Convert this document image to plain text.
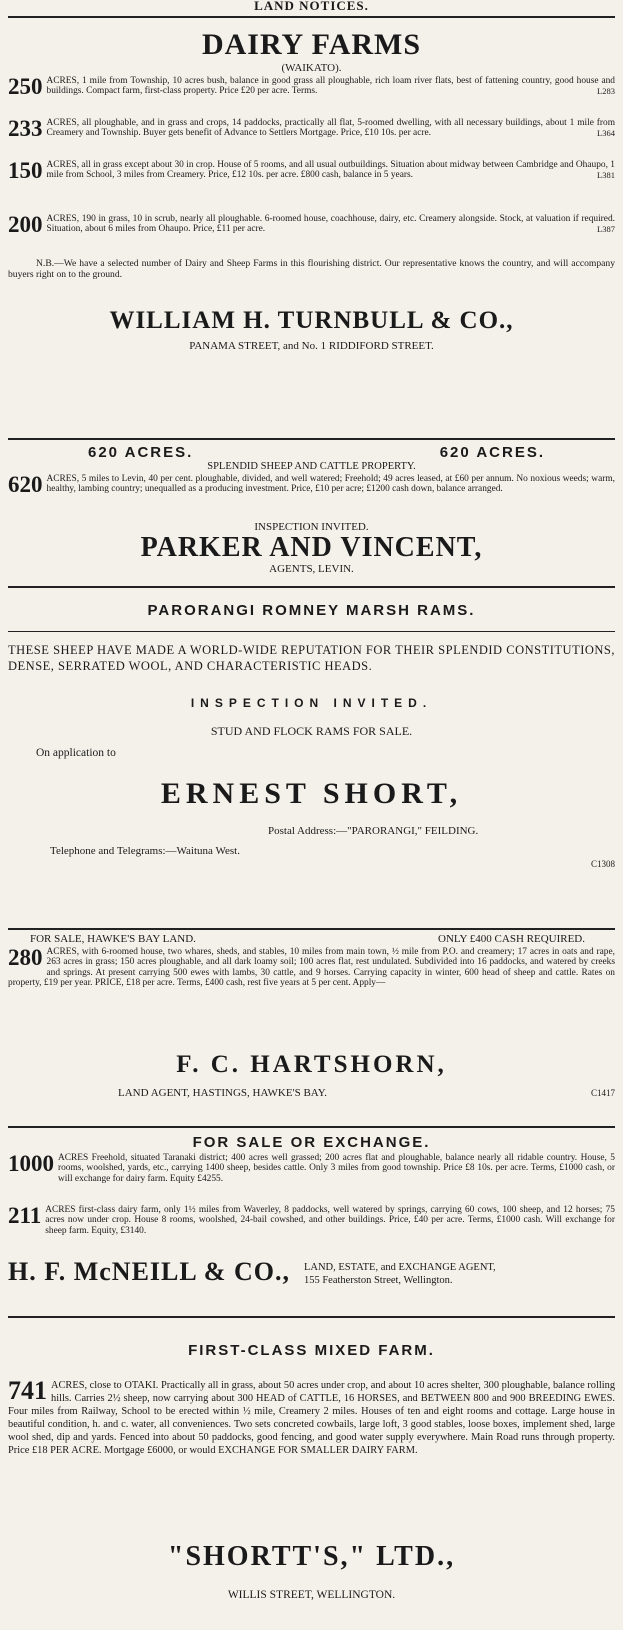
LAND NOTICES.
DAIRY FARMS
(WAIKATO).
250 ACRES, 1 mile from Township, 10 acres bush, balance in good grass all ploughable, rich loam river flats, best of fattening country, good house and buildings. Compact farm, first-class property. Price £20 per acre. Terms.	L283
233 ACRES, all ploughable, and in grass and crops, 14 paddocks, practically all flat, 5-roomed dwelling, with all necessary buildings, about 1 mile from Creamery and Township. Buyer gets benefit of Advance to Settlers Mortgage. Price, £10 10s. per acre.	L364
150 ACRES, all in grass except about 30 in crop. House of 5 rooms, and all usual outbuildings. Situation about midway between Cambridge and Ohaupo, 1 mile from School, 3 miles from Creamery. Price, £12 10s. per acre. £800 cash, balance in 5 years.	L381
200 ACRES, 190 in grass, 10 in scrub, nearly all ploughable. 6-roomed house, coachhouse, dairy, etc. Creamery alongside. Stock, at valuation if required. Situation, about 6 miles from Ohaupo. Price, £11 per acre.	L387
N.B.—We have a selected number of Dairy and Sheep Farms in this flourishing district. Our representative knows the country, and will accompany buyers right on to the ground.
WILLIAM H. TURNBULL & CO.,
PANAMA STREET, and No. 1 RIDDIFORD STREET.
620 ACRES.	620 ACRES.
SPLENDID SHEEP AND CATTLE PROPERTY.
620 ACRES, 5 miles to Levin, 40 per cent. ploughable, divided, and well watered; Freehold; 49 acres leased, at £60 per annum. No noxious weeds; warm, healthy, lambing country; unequalled as a producing investment. Price, £10 per acre; £1200 cash down, balance arranged.
INSPECTION INVITED.
PARKER AND VINCENT,
AGENTS, LEVIN.
PARORANGI ROMNEY MARSH RAMS.
THESE SHEEP HAVE MADE A WORLD-WIDE REPUTATION FOR THEIR SPLENDID CONSTITUTIONS, DENSE, SERRATED WOOL, AND CHARACTERISTIC HEADS.
INSPECTION INVITED.
STUD AND FLOCK RAMS FOR SALE.
On application to
ERNEST SHORT,
Postal Address:—"PARORANGI," FEILDING.
Telephone and Telegrams:—Waituna West.
C1308
FOR SALE, HAWKE'S BAY LAND.	ONLY £400 CASH REQUIRED.
280 ACRES, with 6-roomed house, two whares, sheds, and stables, 10 miles from main town, ½ mile from P.O. and creamery; 17 acres in oats and rape, 263 acres in grass; 150 acres ploughable, and all dark loamy soil; 100 acres flat, rest undulated. Subdivided into 16 paddocks, and watered by creeks and springs. At present carrying 500 ewes with lambs, 30 cattle, and 9 horses. Carrying capacity in winter, 600 head of sheep and cattle. Rates on property, £19 per year. PRICE, £18 per acre. Terms, £400 cash, rest five years at 5 per cent. Apply—
F. C. HARTSHORN,
LAND AGENT, HASTINGS, HAWKE'S BAY.	C1417
FOR SALE OR EXCHANGE.
1000 ACRES Freehold, situated Taranaki district; 400 acres well grassed; 200 acres flat and ploughable, balance nearly all ridable country. House, 5 rooms, woolshed, yards, etc., carrying 1400 sheep, besides cattle. Only 3 miles from good township. Price £8 10s. per acre. Terms, £1000 cash, or will exchange for dairy farm. Equity £4255.
211 ACRES first-class dairy farm, only 1½ miles from Waverley, 8 paddocks, well watered by springs, carrying 60 cows, 100 sheep, and 12 horses; 75 acres now under crop. House 8 rooms, woolshed, 24-bail cowshed, and other buildings. Price, £40 per acre. Terms, £1000 cash. Will exchange for sheep farm. Equity, £3140.
H. F. McNEILL & CO., LAND, ESTATE, and EXCHANGE AGENT,
155 Featherston Street, Wellington.
FIRST-CLASS MIXED FARM.
741 ACRES, close to OTAKI. Practically all in grass, about 50 acres under crop, and about 10 acres shelter, 300 ploughable, balance rolling hills. Carries 2½ sheep, now carrying about 300 HEAD of CATTLE, 16 HORSES, and BETWEEN 800 and 900 BREEDING EWES. Four miles from Railway, School to be erected within ½ mile, Creamery 2 miles. Houses of ten and eight rooms and cottage. Large house in beautiful condition, h. and c. water, all conveniences. Two sets concreted cowbails, large loft, 3 good stables, loose boxes, implement shed, large wool shed, dip and yards. Fenced into about 50 paddocks, good fencing, and good water supply everywhere. Main Road runs through property. Price £18 PER ACRE. Mortgage £6000, or would EXCHANGE FOR SMALLER DAIRY FARM.
"SHORTT'S," LTD.,
WILLIS STREET, WELLINGTON.
